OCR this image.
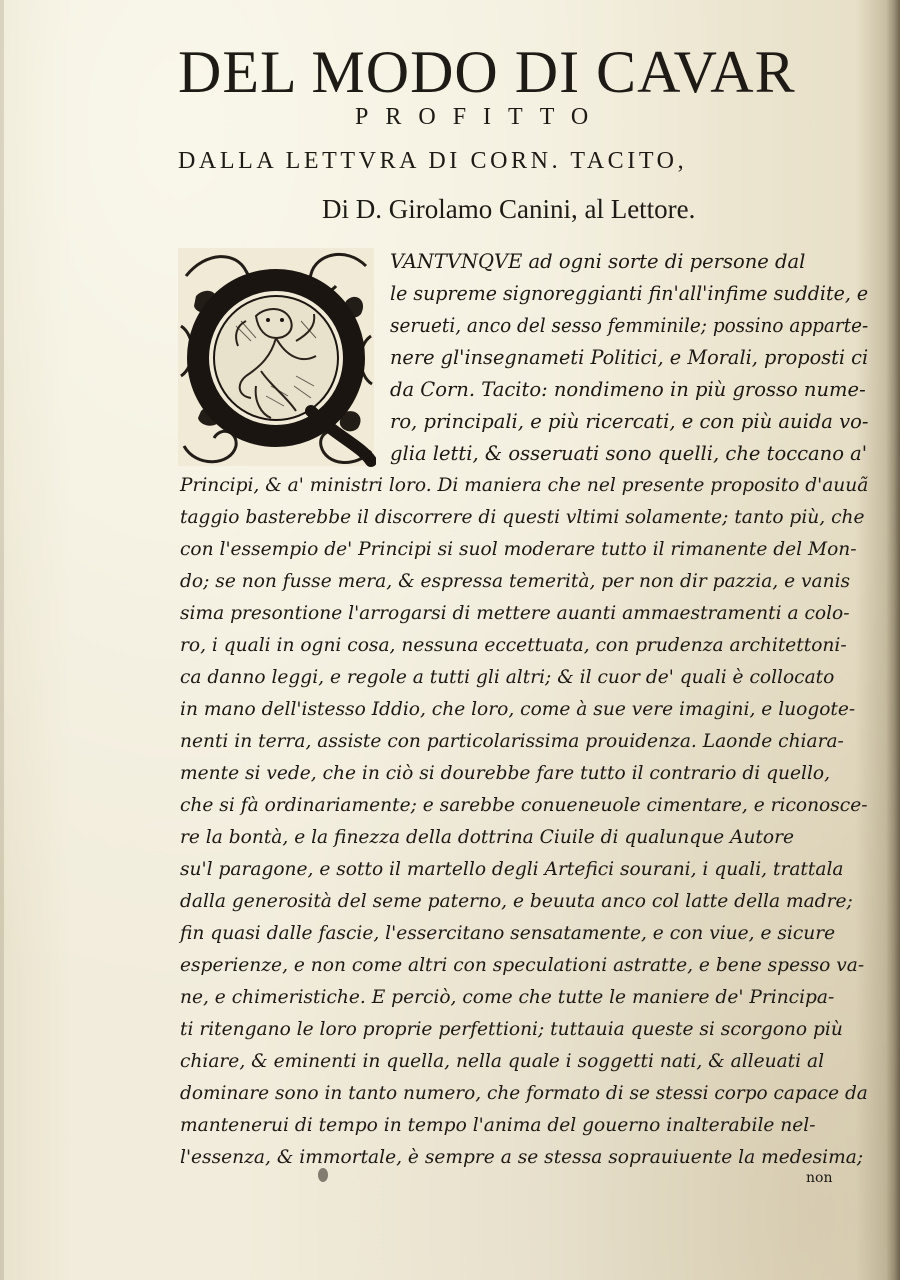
DEL MODO DI CAVAR
PROFITTO
DALLA LETTVRA DI CORN. TACITO,
Di D. Girolamo Canini, al Lettore.
VANTVNQVE ad ogni sorte di persone dal
le supreme signoreggianti fin'all'infime suddite, e
serueti, anco del sesso femminile; possino apparte-
nere gl'insegnameti Politici, e Morali, proposti ci
da Corn. Tacito: nondimeno in più grosso nume-
ro, principali, e più ricercati, e con più auida vo-
glia letti, & osseruati sono quelli, che toccano a'
Principi, & a' ministri loro. Di maniera che nel presente proposito d'auuã
taggio basterebbe il discorrere di questi vltimi solamente; tanto più, che
con l'essempio de' Principi si suol moderare tutto il rimanente del Mon-
do; se non fusse mera, & espressa temerità, per non dir pazzia, e vanis
sima presontione l'arrogarsi di mettere auanti ammaestramenti a colo-
ro, i quali in ogni cosa, nessuna eccettuata, con prudenza architettoni-
ca danno leggi, e regole a tutti gli altri; & il cuor de' quali è collocato
in mano dell'istesso Iddio, che loro, come à sue vere imagini, e luogote-
nenti in terra, assiste con particolarissima prouidenza. Laonde chiara-
mente si vede, che in ciò si dourebbe fare tutto il contrario di quello,
che si fà ordinariamente; e sarebbe conueneuole cimentare, e riconosce-
re la bontà, e la finezza della dottrina Ciuile di qualunque Autore
su'l paragone, e sotto il martello degli Artefici sourani, i quali, trattala
dalla generosità del seme paterno, e beuuta anco col latte della madre;
fin quasi dalle fascie, l'essercitano sensatamente, e con viue, e sicure
esperienze, e non come altri con speculationi astratte, e bene spesso va-
ne, e chimeristiche. E perciò, come che tutte le maniere de' Principa-
ti ritengano le loro proprie perfettioni; tuttauia queste si scorgono più
chiare, & eminenti in quella, nella quale i soggetti nati, & alleuati al
dominare sono in tanto numero, che formato di se stessi corpo capace da
mantenerui di tempo in tempo l'anima del gouerno inalterabile nel-
l'essenza, & immortale, è sempre a se stessa soprauiuente la medesima;
non
